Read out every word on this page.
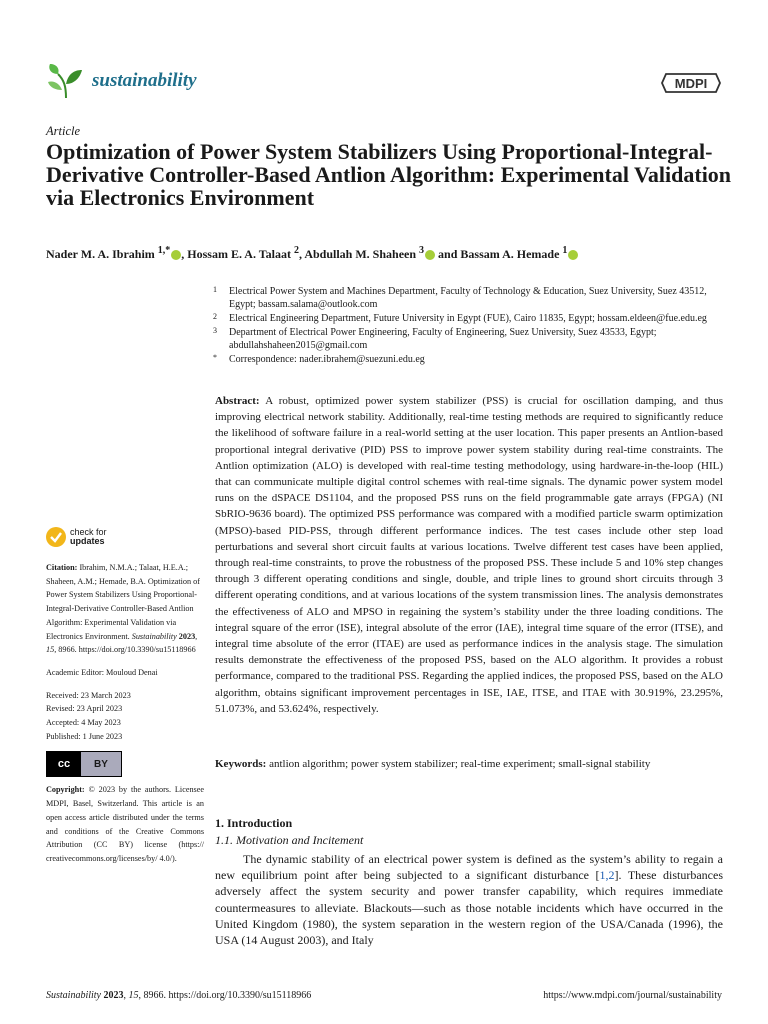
sustainability	MDPI
Article
Optimization of Power System Stabilizers Using Proportional-Integral-Derivative Controller-Based Antlion Algorithm: Experimental Validation via Electronics Environment
Nader M. A. Ibrahim $^{1,*}$ , Hossam E. A. Talaat $^2$, Abdullah M. Shaheen $^3$ and Bassam A. Hemade $^1$
1 Electrical Power System and Machines Department, Faculty of Technology & Education, Suez University, Suez 43512, Egypt; bassam.salama@outlook.com
2 Electrical Engineering Department, Future University in Egypt (FUE), Cairo 11835, Egypt; hossam.eldeen@fue.edu.eg
3 Department of Electrical Power Engineering, Faculty of Engineering, Suez University, Suez 43533, Egypt; abdullahshaheen2015@gmail.com
* Correspondence: nader.ibrahem@suezuni.edu.eg
Abstract: A robust, optimized power system stabilizer (PSS) is crucial for oscillation damping, and thus improving electrical network stability. Additionally, real-time testing methods are required to significantly reduce the likelihood of software failure in a real-world setting at the user location. This paper presents an Antlion-based proportional integral derivative (PID) PSS to improve power system stability during real-time constraints. The Antlion optimization (ALO) is developed with real-time testing methodology, using hardware-in-the-loop (HIL) that can communicate multiple digital control schemes with real-time signals. The dynamic power system model runs on the dSPACE DS1104, and the proposed PSS runs on the field programmable gate arrays (FPGA) (NI SbRIO-9636 board). The optimized PSS performance was compared with a modified particle swarm optimization (MPSO)-based PID-PSS, through different performance indices. The test cases include other step load perturbations and several short circuit faults at various locations. Twelve different test cases have been applied, through real-time constraints, to prove the robustness of the proposed PSS. These include 5 and 10% step changes through 3 different operating conditions and single, double, and triple lines to ground short circuits through 3 different operating conditions, and at various locations of the system transmission lines. The analysis demonstrates the effectiveness of ALO and MPSO in regaining the system’s stability under the three loading conditions. The integral square of the error (ISE), integral absolute of the error (IAE), integral time square of the error (ITSE), and integral time absolute of the error (ITAE) are used as performance indices in the analysis stage. The simulation results demonstrate the effectiveness of the proposed PSS, based on the ALO algorithm. It provides a robust performance, compared to the traditional PSS. Regarding the applied indices, the proposed PSS, based on the ALO algorithm, obtains significant improvement percentages in ISE, IAE, ITSE, and ITAE with 30.919%, 23.295%, 51.073%, and 53.624%, respectively.
Keywords: antlion algorithm; power system stabilizer; real-time experiment; small-signal stability
check for
updates

Citation: Ibrahim, N.M.A.; Talaat, H.E.A.; Shaheen, A.M.; Hemade, B.A. Optimization of Power System Stabilizers Using Proportional-Integral-Derivative Controller-Based Antlion Algorithm: Experimental Validation via Electronics Environment. Sustainability 2023, 15, 8966. https://doi.org/10.3390/su15118966

Academic Editor: Mouloud Denai

Received: 23 March 2023

Revised: 23 April 2023

Accepted: 4 May 2023

Published: 1 June 2023

cc	BY

Copyright: © 2023 by the authors. Licensee MDPI, Basel, Switzerland. This article is an open access article distributed under the terms and conditions of the Creative Commons Attribution (CC BY) license (https:// creativecommons.org/licenses/by/ 4.0/).

1. Introduction
1.1. Motivation and Incitement
The dynamic stability of an electrical power system is defined as the system’s ability to regain a new equilibrium point after being subjected to a significant disturbance [1,2]. These disturbances adversely affect the system security and power transfer capability, which requires immediate countermeasures to alleviate. Blackouts—such as those notable incidents which have occurred in the United Kingdom (1980), the system separation in the western region of the USA/Canada (1996), the USA (14 August 2003), and Italy
Sustainability 2023, 15, 8966. https://doi.org/10.3390/su15118966	https://www.mdpi.com/journal/sustainability
